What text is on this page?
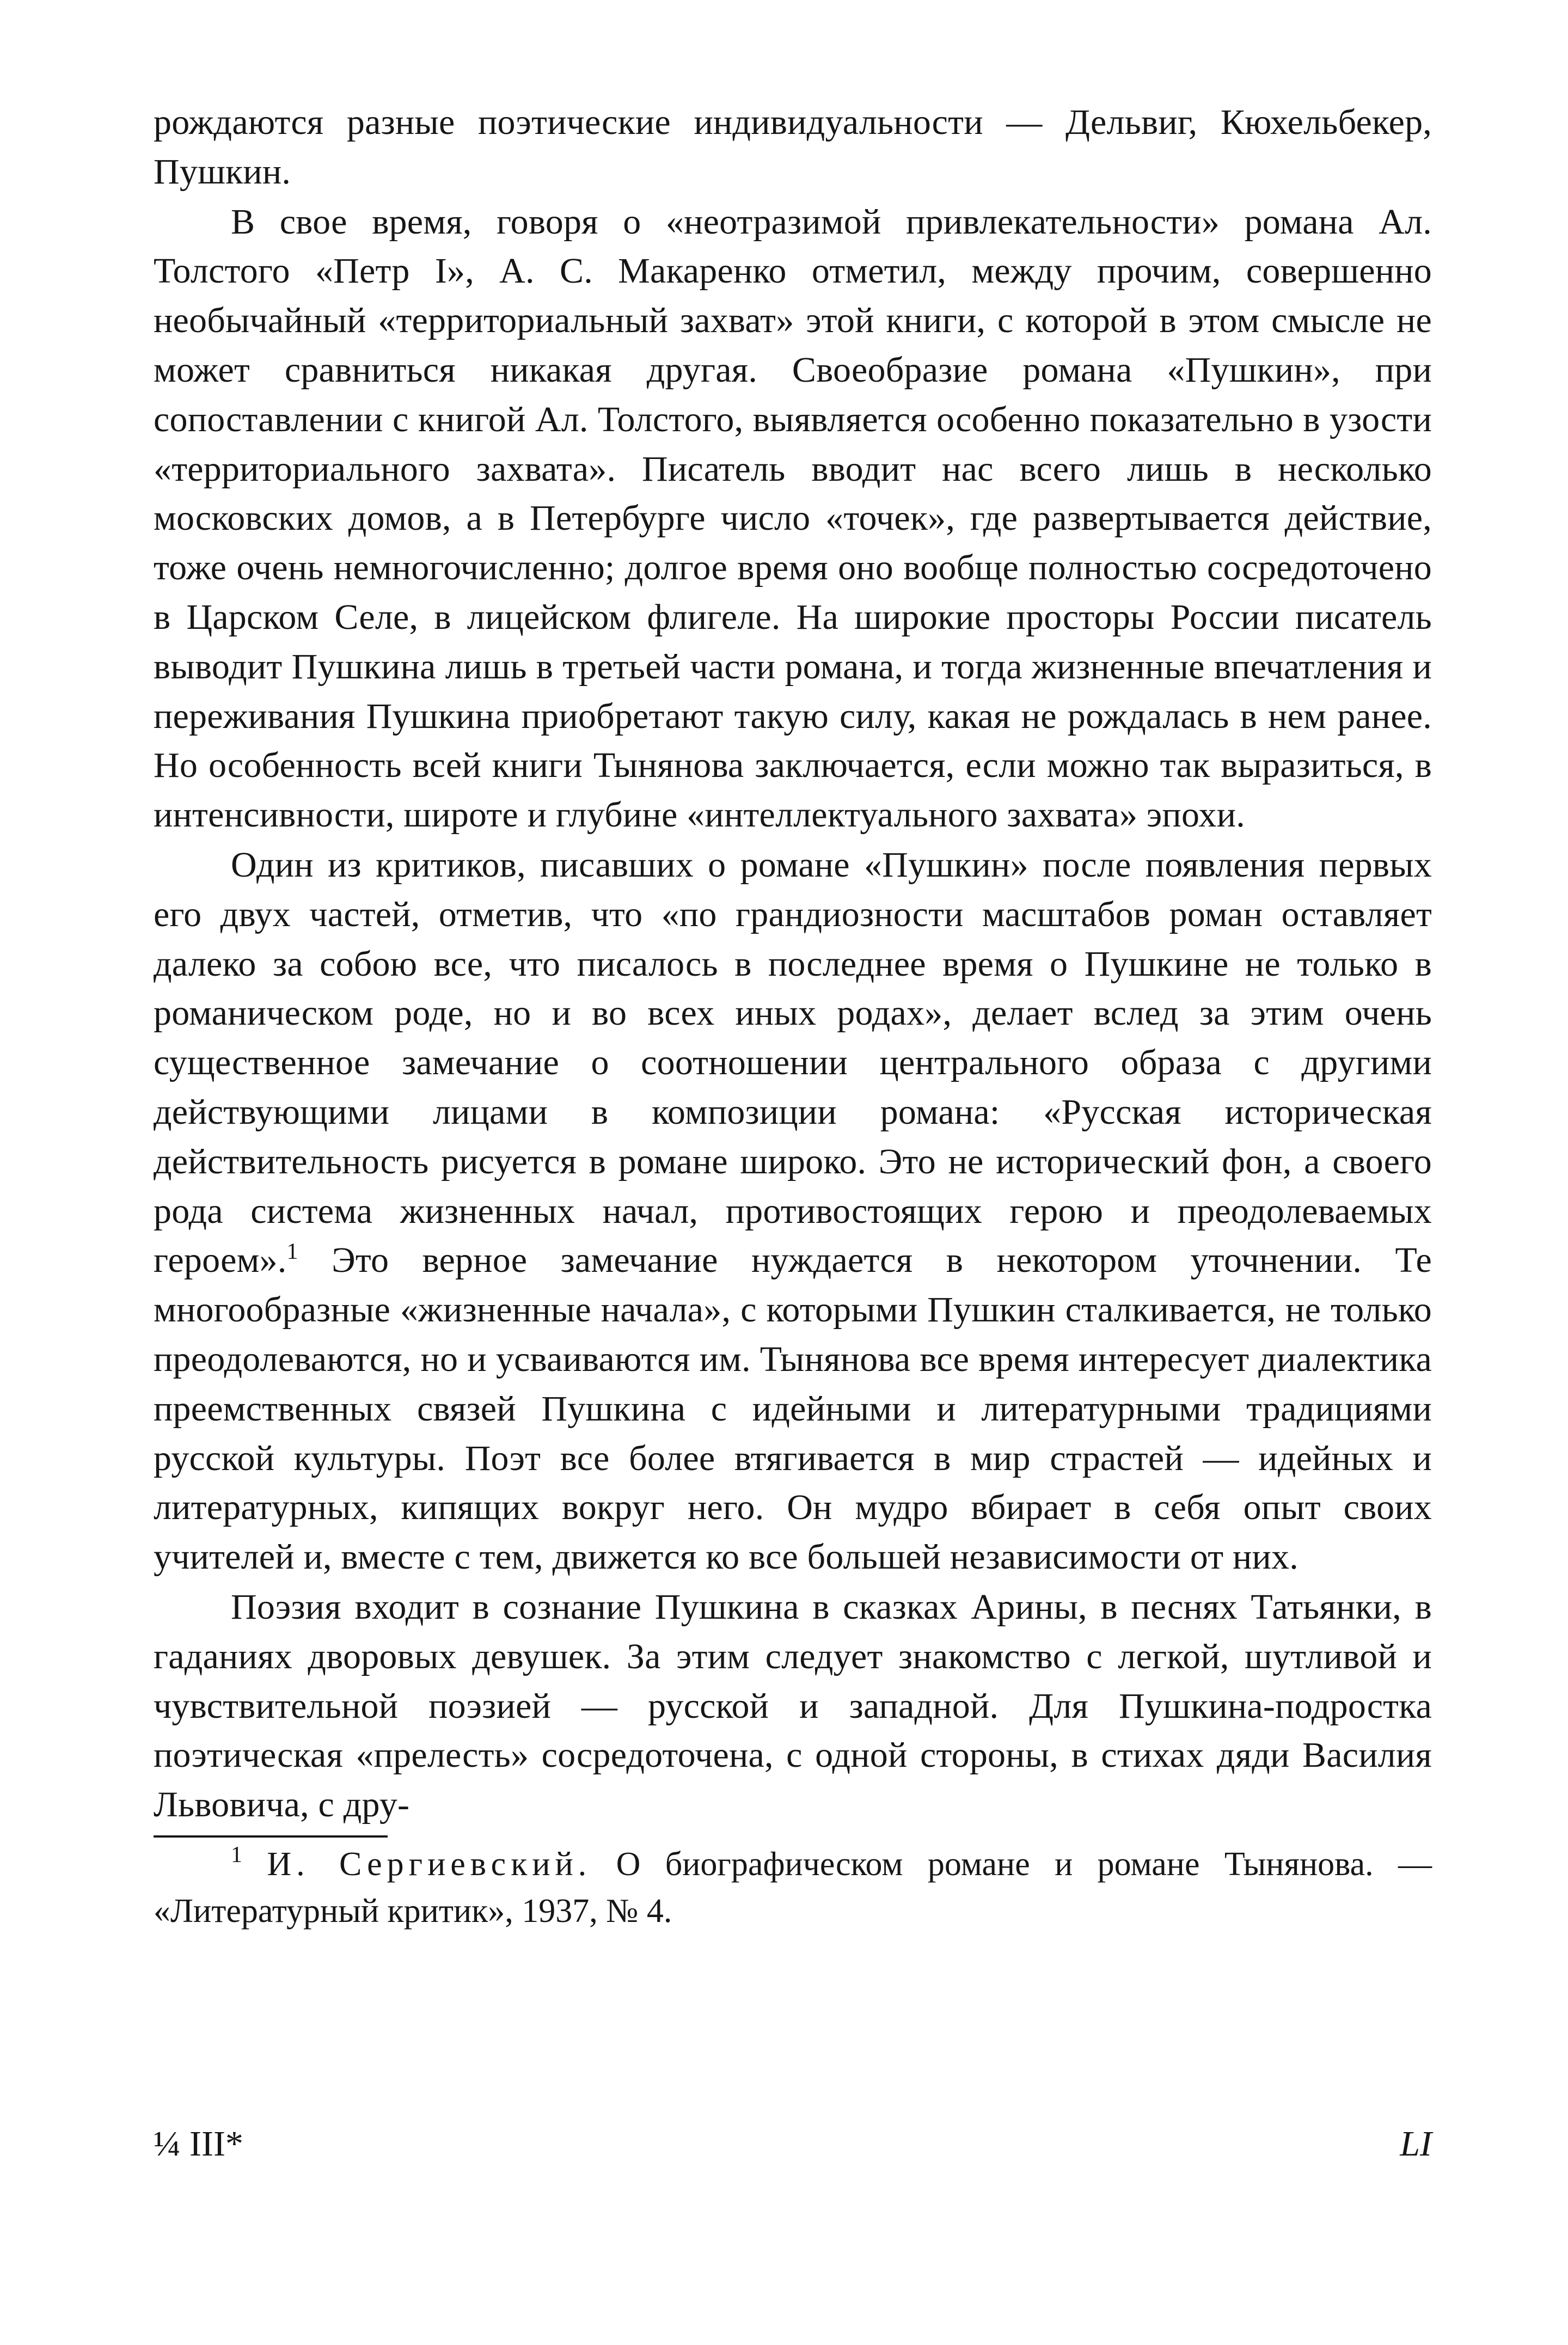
рождаются разные поэтические индивидуальности — Дельвиг, Кюхельбекер, Пушкин.

В свое время, говоря о «неотразимой привлекательности» романа Ал. Толстого «Петр I», А. С. Макаренко отметил, между прочим, совершенно необычайный «территориальный захват» этой книги, с которой в этом смысле не может сравниться никакая другая. Своеобразие романа «Пушкин», при сопоставлении с книгой Ал. Толстого, выявляется особенно показательно в узости «территориального захвата». Писатель вводит нас всего лишь в несколько московских домов, а в Петербурге число «точек», где развертывается действие, тоже очень немногочисленно; долгое время оно вообще полностью сосредоточено в Царском Селе, в лицейском флигеле. На широкие просторы России писатель выводит Пушкина лишь в третьей части романа, и тогда жизненные впечатления и переживания Пушкина приобретают такую силу, какая не рождалась в нем ранее. Но особенность всей книги Тынянова заключается, если можно так выразиться, в интенсивности, широте и глубине «интеллектуального захвата» эпохи.

Один из критиков, писавших о романе «Пушкин» после появления первых его двух частей, отметив, что «по грандиозности масштабов роман оставляет далеко за собою все, что писалось в последнее время о Пушкине не только в романическом роде, но и во всех иных родах», делает вслед за этим очень существенное замечание о соотношении центрального образа с другими действующими лицами в композиции романа: «Русская историческая действительность рисуется в романе широко. Это не исторический фон, а своего рода система жизненных начал, противостоящих герою и преодолеваемых героем».$^1$ Это верное замечание нуждается в некотором уточнении. Те многообразные «жизненные начала», с которыми Пушкин сталкивается, не только преодолеваются, но и усваиваются им. Тынянова все время интересует диалектика преемственных связей Пушкина с идейными и литературными традициями русской культуры. Поэт все более втягивается в мир страстей — идейных и литературных, кипящих вокруг него. Он мудро вбирает в себя опыт своих учителей и, вместе с тем, движется ко все большей независимости от них.

Поэзия входит в сознание Пушкина в сказках Арины, в песнях Татьянки, в гаданиях дворовых девушек. За этим следует знакомство с легкой, шутливой и чувствительной поэзией — русской и западной. Для Пушкина-подростка поэтическая «прелесть» сосредоточена, с одной стороны, в стихах дяди Василия Львовича, с дру-

$^1$ И. Сергиевский. О биографическом романе и романе Тынянова. — «Литературный критик», 1937, № 4.

¼ III*	LI
